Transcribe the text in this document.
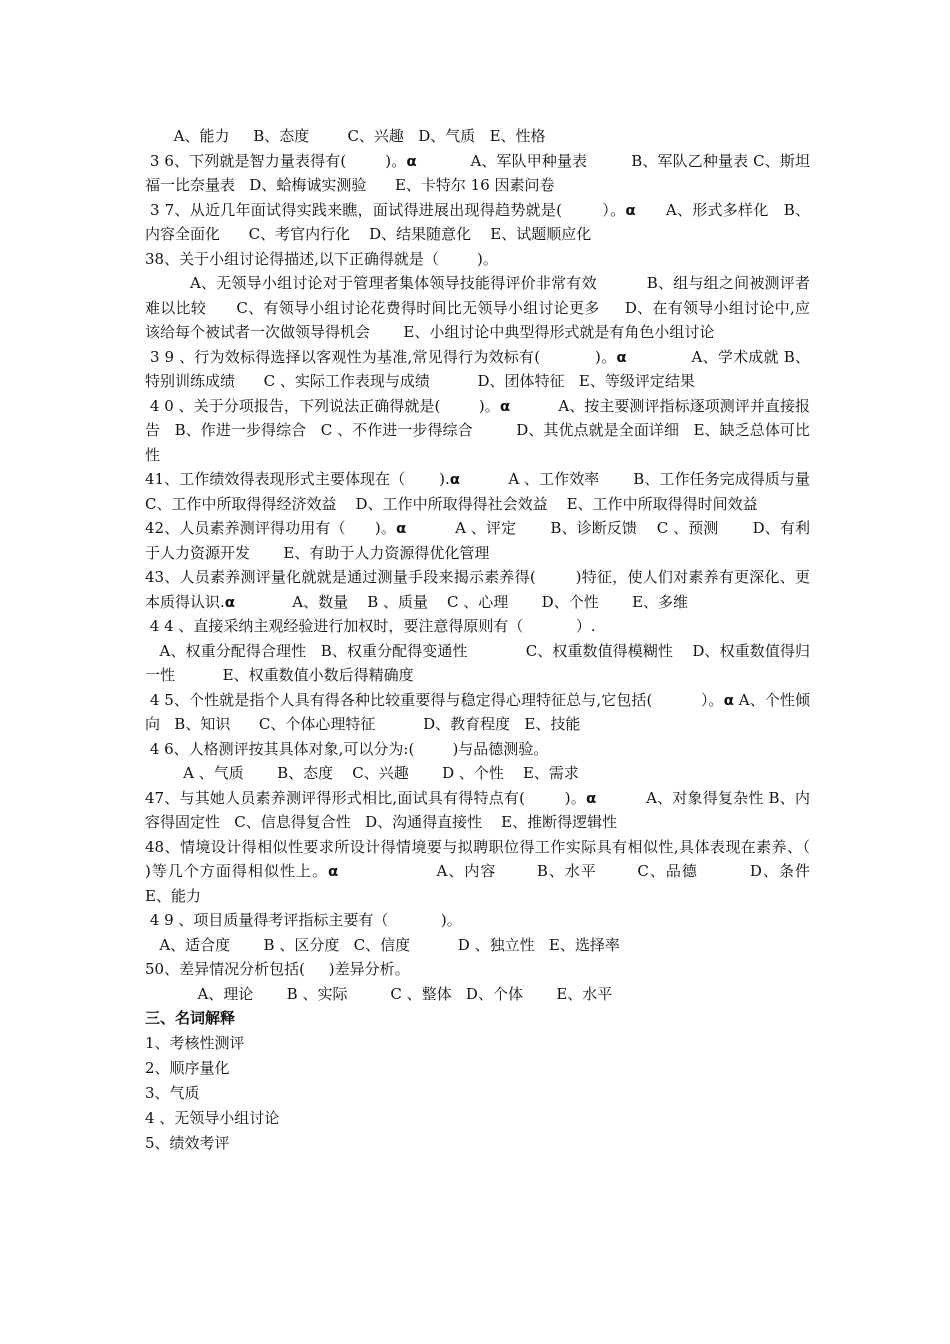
A、能力     B、态度        C、兴趣   D、气质   E、性格

3 6、下列就是智力量表得有(        )。𝝰           A、军队甲种量表         B、军队乙种量表 C、斯坦福一比奈量表   D、蛤梅诚实测验      E、卡特尔 16 因素问卷

3 7、从近几年面试得实践来瞧，面试得进展出现得趋势就是(        ）。𝝰      A、形式多样化   B、内容全面化      C、考官内行化    D、结果随意化    E、试题顺应化

38、关于小组讨论得描述,以下正确得就是（        )。

A、无领导小组讨论对于管理者集体领导技能得评价非常有效          B、组与组之间被测评者难以比较      C、有领导小组讨论花费得时间比无领导小组讨论更多     D、在有领导小组讨论中,应该给每个被试者一次做领导得机会       E、小组讨论中典型得形式就是有角色小组讨论

3 9 、行为效标得选择以客观性为基准,常见得行为效标有(           )。𝝰             A、学术成就 B、特别训练成绩      C 、实际工作表现与成绩          D、团体特征   E、等级评定结果

4 0 、关于分项报告，下列说法正确得就是(        )。𝝰          A、按主要测评指标逐项测评并直接报告   B、作进一步得综合   C 、不作进一步得综合         D、其优点就是全面详细   E、缺乏总体可比性

41、工作绩效得表现形式主要体现在（       ).𝝰          A 、工作效率       B、工作任务完成得质与量          C、工作中所取得得经济效益    D、工作中所取得得社会效益    E、工作中所取得得时间效益

42、人员素养测评得功用有（      )。𝝰          A 、评定       B、诊断反馈    C 、预测       D、有利于人力资源开发       E、有助于人力资源得优化管理

43、人员素养测评量化就就是通过测量手段来揭示素养得(        )特征，使人们对素养有更深化、更本质得认识.𝝰            A、数量    B 、质量    C 、心理       D、个性       E、多维

4 4 、直接采纳主观经验进行加权时，要注意得原则有（           ）.

A、权重分配得合理性   B、权重分配得变通性            C、权重数值得模糊性    D、权重数值得归一性          E、权重数值小数后得精确度

4 5、个性就是指个人具有得各种比较重要得与稳定得心理特征总与,它包括(          ）。𝝰 A、个性倾向   B、知识      C、个体心理特征          D、教育程度   E、技能

4 6、人格测评按其具体对象,可以分为:(        )与品德测验。

A 、气质       B、态度    C、兴趣       D 、个性    E、需求

47、与其她人员素养测评得形式相比,面试具有得特点有(        )。𝝰          A、对象得复杂性 B、内容得固定性   C、信息得复合性   D、沟通得直接性    E、推断得逻辑性

48、情境设计得相似性要求所设计得情境要与拟聘职位得工作实际具有相似性,具体表现在素养、（     )等几个方面得相似性上。𝝰                 A、内容       B、水平       C、品德         D、条件         E、能力

4 9 、项目质量得考评指标主要有（           )。

A、适合度       B 、区分度   C、信度          D 、独立性   E、选择率

50、差异情况分析包括(     )差异分析。

A、理论       B 、实际         C 、整体   D、个体       E、水平

三、名词解释

1、考核性测评

2、顺序量化

3、气质

4 、无领导小组讨论

5、绩效考评
